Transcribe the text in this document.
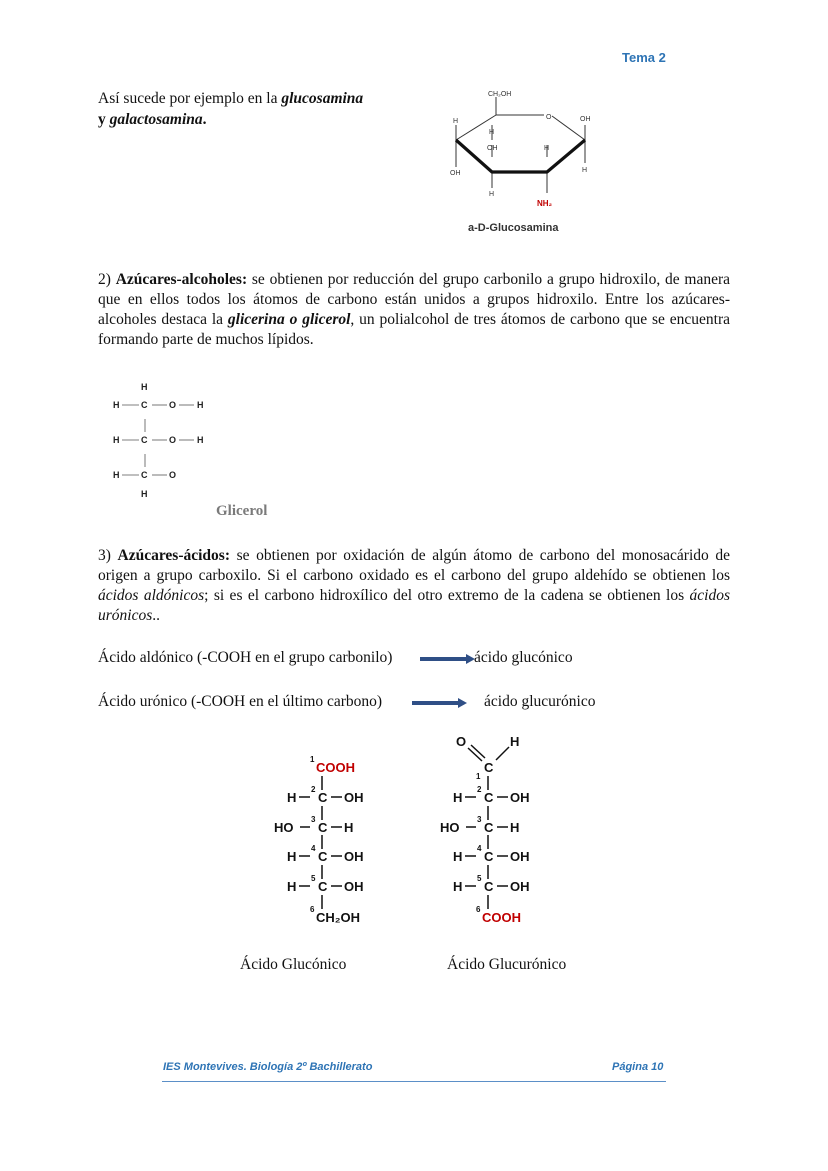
Tema 2
Así sucede por ejemplo en la glucosamina
y galactosamina.
CH₂OH
O	OH
H
H
OH	H
OH	H
H
NH₂
a-D-Glucosamina
2) Azúcares-alcoholes: se obtienen por reducción del grupo carbonilo a grupo hidroxilo, de manera que en ellos todos los átomos de carbono están unidos a grupos hidroxilo. Entre los azúcares-alcoholes destaca la glicerina o glicerol, un polialcohol de tres átomos de carbono que se encuentra formando parte de muchos lípidos.
H
H C O H
H C O H
H C O
H
Glicerol
3) Azúcares-ácidos: se obtienen por oxidación de algún átomo de carbono del monosacárido de origen a grupo carboxilo. Si el carbono oxidado es el carbono del grupo aldehído se obtienen los ácidos aldónicos; si es el carbono hidroxílico del otro extremo de la cadena se obtienen los ácidos urónicos..
Ácido aldónico (-COOH en el grupo carbonilo)	ácido glucónico
Ácido urónico (-COOH en el último carbono)	ácido glucurónico
1
COOH
H
2
C OH
HO
3
C H
H
4
C OH
H
5
C OH
6
CH₂OH
O	H
1
C
H
2
C OH
HO
3
C H
H
4
C OH
H
5
C OH
6
COOH
Ácido Glucónico	Ácido Glucurónico
IES Montevives. Biología 2º Bachillerato	Página 10
